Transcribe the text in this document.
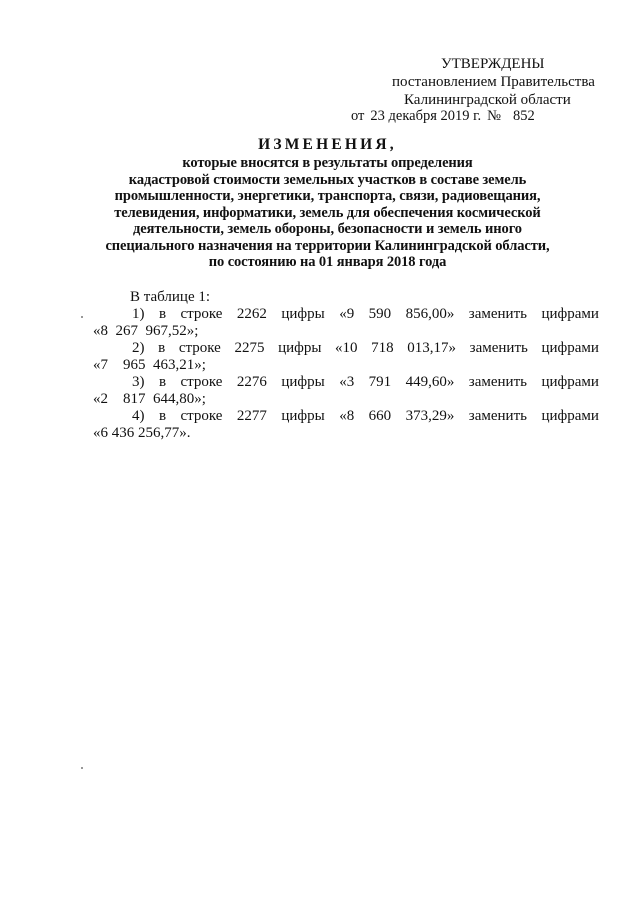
УТВЕРЖДЕНЫ
постановлением Правительства
Калининградской области
от 23 декабря 2019 г. № 852
ИЗМЕНЕНИЯ,
которые вносятся в результаты определения
кадастровой стоимости земельных участков в составе земель
промышленности, энергетики, транспорта, связи, радиовещания,
телевидения, информатики, земель для обеспечения космической
деятельности, земель обороны, безопасности и земель иного
специального назначения на территории Калининградской области,
по состоянию на 01 января 2018 года
В таблице 1:
1) в строке 2262 цифры «9 590 856,00» заменить цифрами
«8 267 967,52»;
2) в строке 2275 цифры «10 718 013,17» заменить цифрами
«7 965 463,21»;
3) в строке 2276 цифры «3 791 449,60» заменить цифрами
«2 817 644,80»;
4) в строке 2277 цифры «8 660 373,29» заменить цифрами
«6 436 256,77».
